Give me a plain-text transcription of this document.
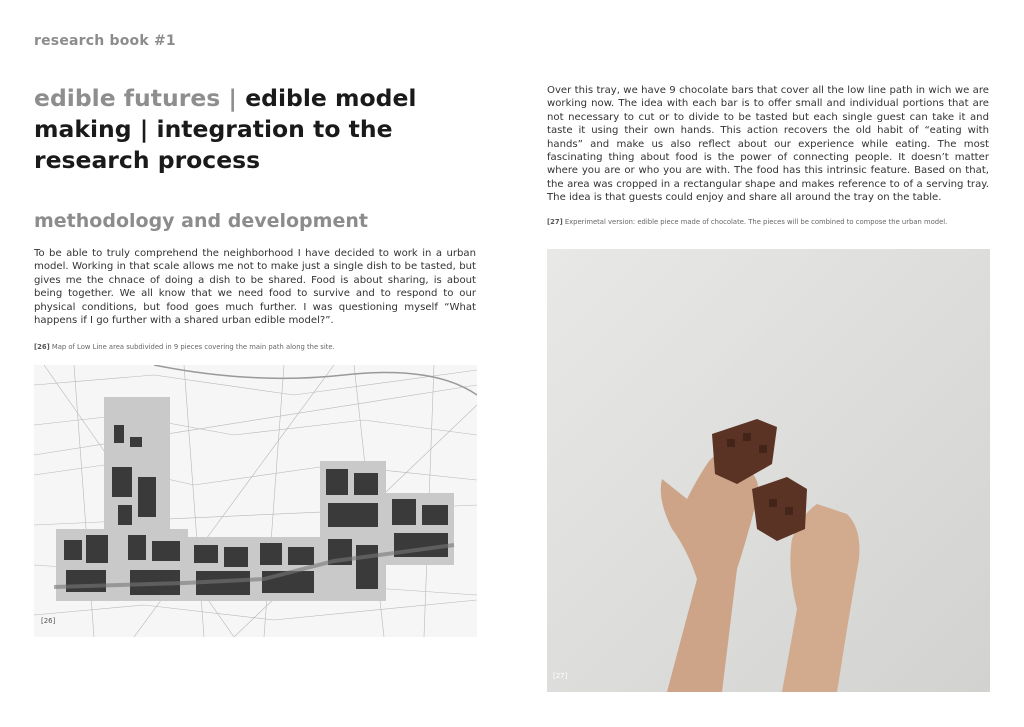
research book #1
edible futures | edible model making | integration to the research process
methodology and development
To be able to truly comprehend the neighborhood I have decided to work in a urban model. Working in that scale allows me not to make just a single dish to be tasted, but gives me the chnace of doing a dish to be shared. Food is about sharing, is about being together. We all know that we need food to survive and to respond to our physical conditions, but food goes much further. I was questioning myself “What happens if I go further with a shared urban edible model?”.
[26] Map of Low Line area subdivided in 9 pieces covering the main path along the site.
[26]
Over this tray, we have 9 chocolate bars that cover all the low line path in wich we are working now. The idea with each bar is to offer small and individual portions that are not necessary to cut or to divide to be tasted but each single guest can take it and taste it using their own hands. This action recovers the old habit of “eating with hands” and make us also reflect about our experience while eating. The most fascinating thing about food is the power of connecting people. It doesn’t matter where you are or who you are with. The food has this intrinsic feature. Based on that, the area was cropped in a rectangular shape and makes reference to of a serving tray. The idea is that guests could enjoy and share all around the tray on the table.
[27] Experimetal version: edible piece made of chocolate. The pieces will be combined to compose the urban model.
[27]
